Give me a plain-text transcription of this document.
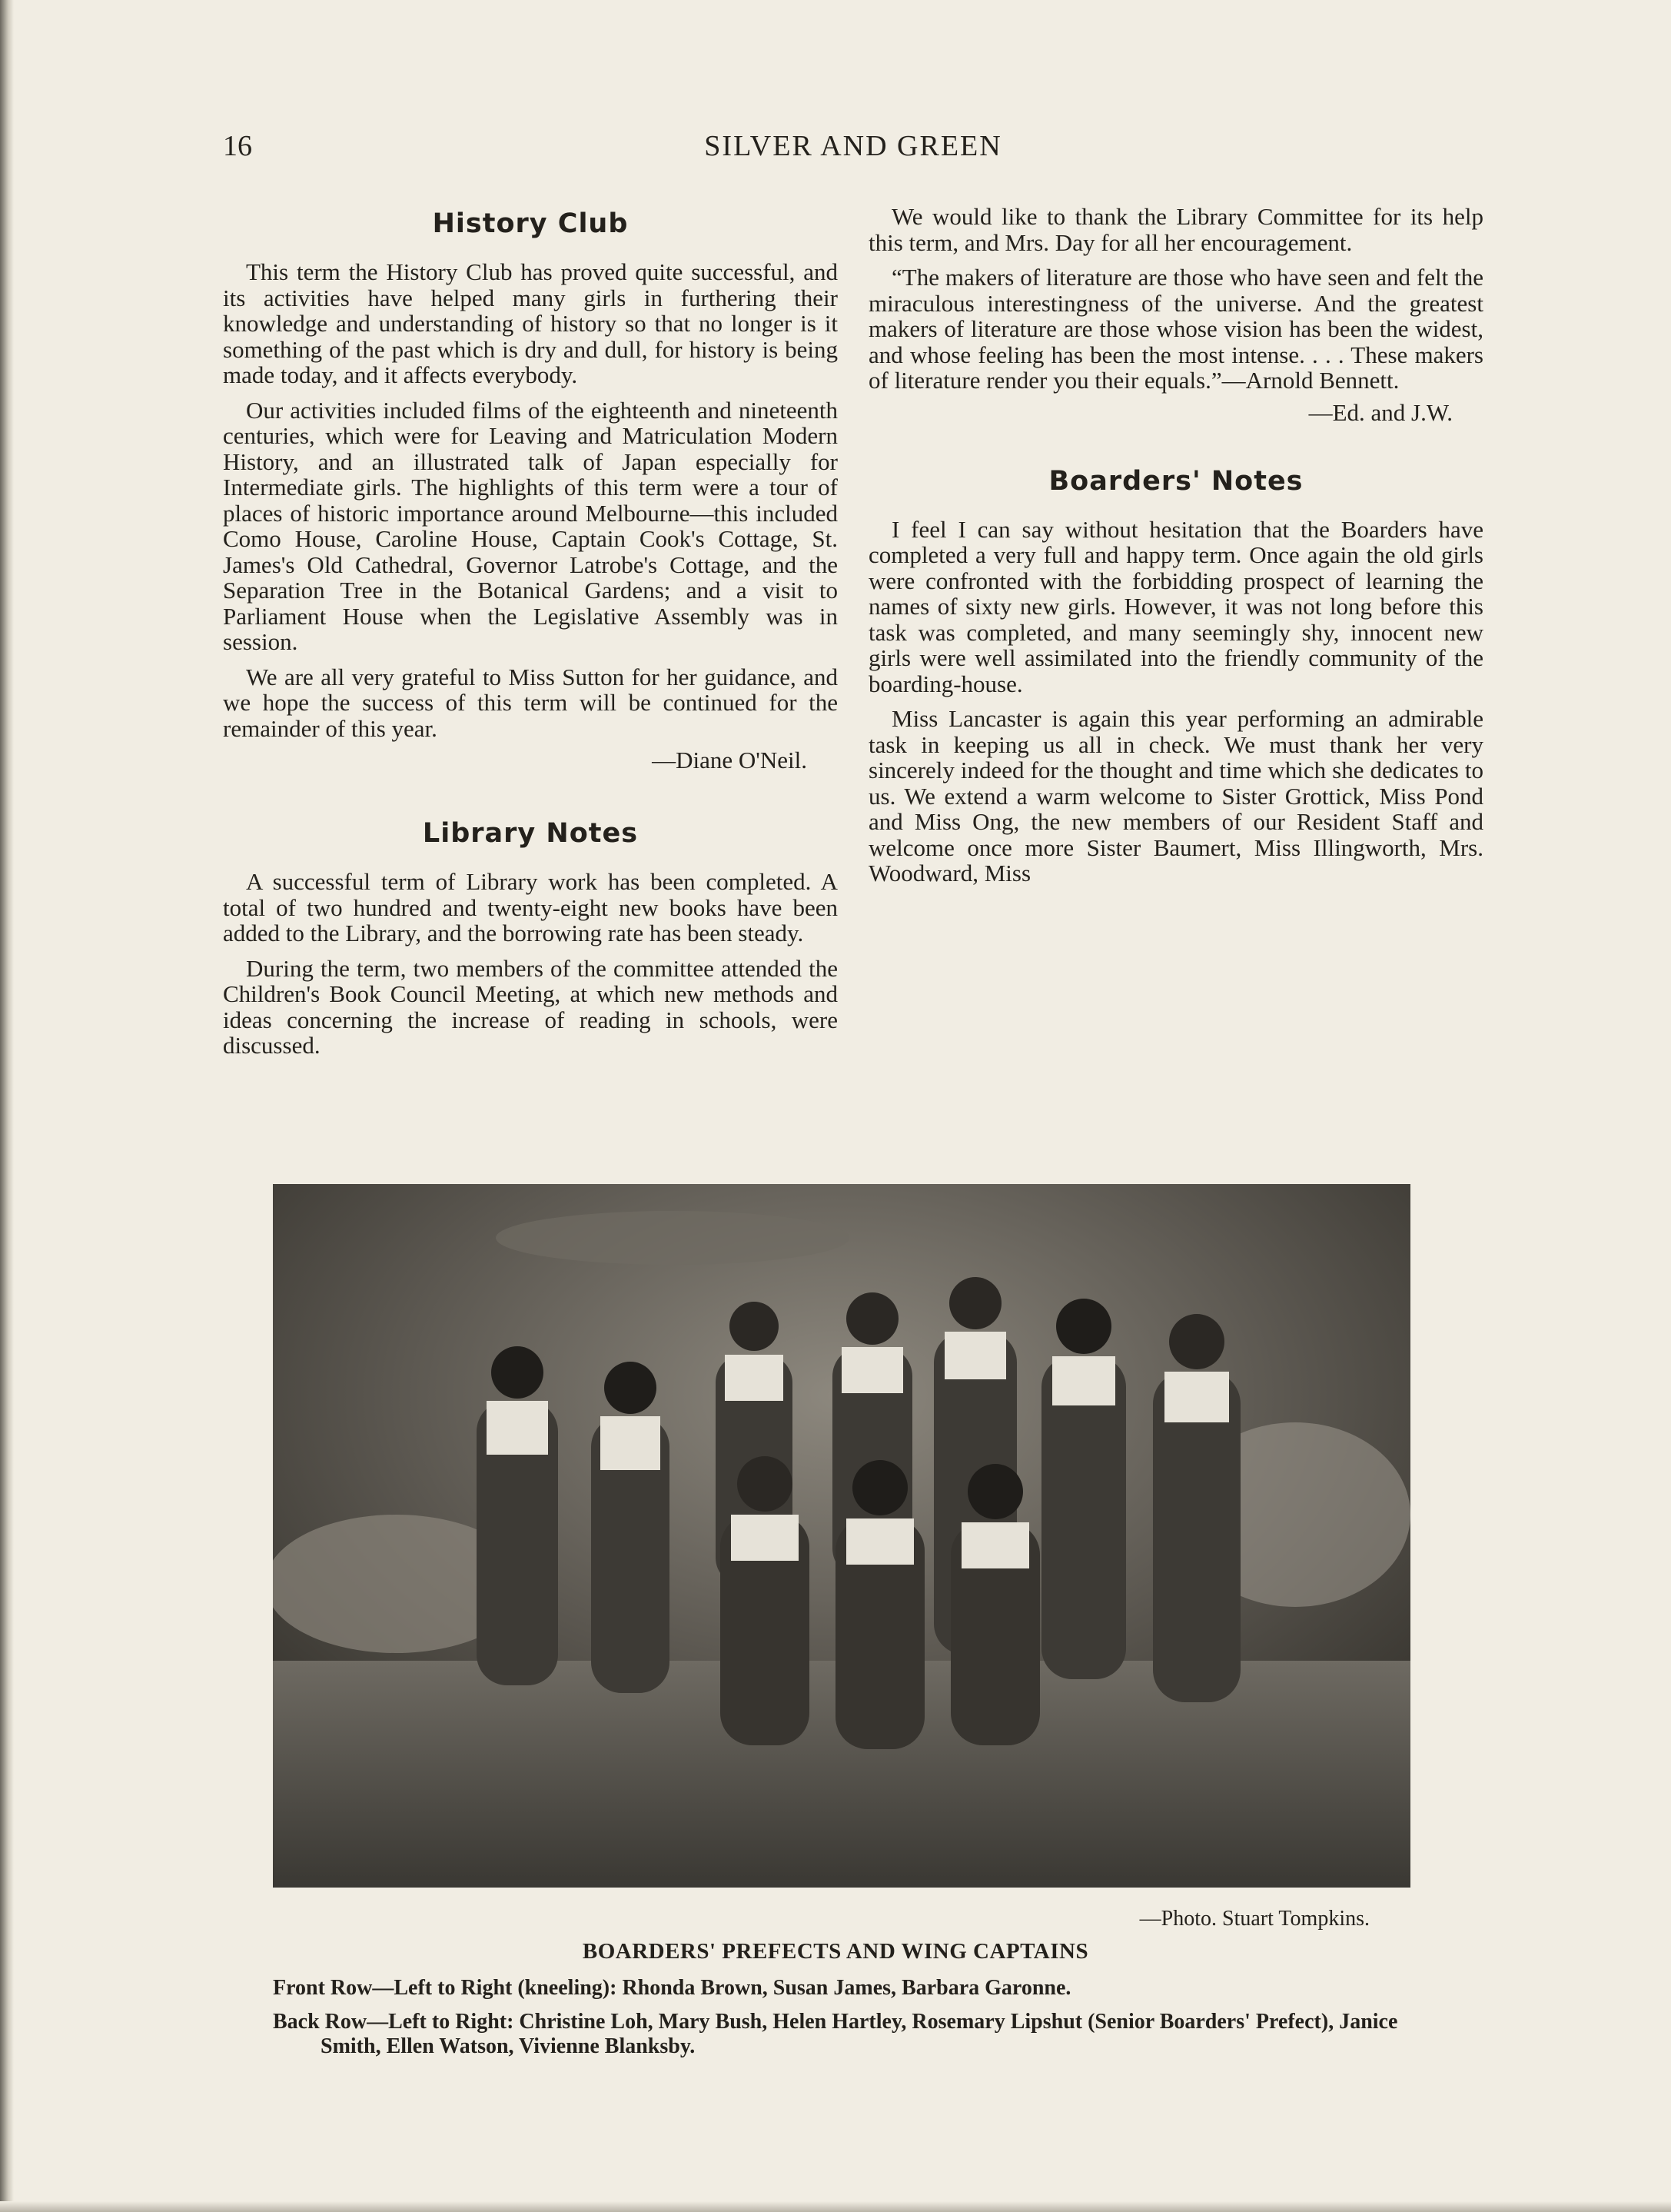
16	SILVER AND GREEN
History Club

This term the History Club has proved quite successful, and its activities have helped many girls in furthering their knowledge and understanding of history so that no longer is it something of the past which is dry and dull, for history is being made today, and it affects everybody.

Our activities included films of the eighteenth and nineteenth centuries, which were for Leaving and Matriculation Modern History, and an illustrated talk of Japan especially for Intermediate girls. The highlights of this term were a tour of places of historic importance around Melbourne—this included Como House, Caroline House, Captain Cook's Cottage, St. James's Old Cathedral, Governor Latrobe's Cottage, and the Separation Tree in the Botanical Gardens; and a visit to Parliament House when the Legislative Assembly was in session.

We are all very grateful to Miss Sutton for her guidance, and we hope the success of this term will be continued for the remainder of this year.

—Diane O'Neil.
Library Notes

A successful term of Library work has been completed. A total of two hundred and twenty-eight new books have been added to the Library, and the borrowing rate has been steady.

During the term, two members of the committee attended the Children's Book Council Meeting, at which new methods and ideas concerning the increase of reading in schools, were discussed.

We would like to thank the Library Committee for its help this term, and Mrs. Day for all her encouragement.

“The makers of literature are those who have seen and felt the miraculous interestingness of the universe. And the greatest makers of literature are those whose vision has been the widest, and whose feeling has been the most intense. . . . These makers of literature render you their equals.”—Arnold Bennett.

—Ed. and J.W.
Boarders' Notes

I feel I can say without hesitation that the Boarders have completed a very full and happy term. Once again the old girls were confronted with the forbidding prospect of learning the names of sixty new girls. However, it was not long before this task was completed, and many seemingly shy, innocent new girls were well assimilated into the friendly community of the boarding-house.

Miss Lancaster is again this year performing an admirable task in keeping us all in check. We must thank her very sincerely indeed for the thought and time which she dedicates to us. We extend a warm welcome to Sister Grottick, Miss Pond and Miss Ong, the new members of our Resident Staff and welcome once more Sister Baumert, Miss Illingworth, Mrs. Woodward, Miss

—Photo. Stuart Tompkins.
BOARDERS' PREFECTS AND WING CAPTAINS
Front Row—Left to Right (kneeling): Rhonda Brown, Susan James, Barbara Garonne.
Back Row—Left to Right: Christine Loh, Mary Bush, Helen Hartley, Rosemary Lipshut (Senior Boarders' Prefect), Janice Smith, Ellen Watson, Vivienne Blanksby.
